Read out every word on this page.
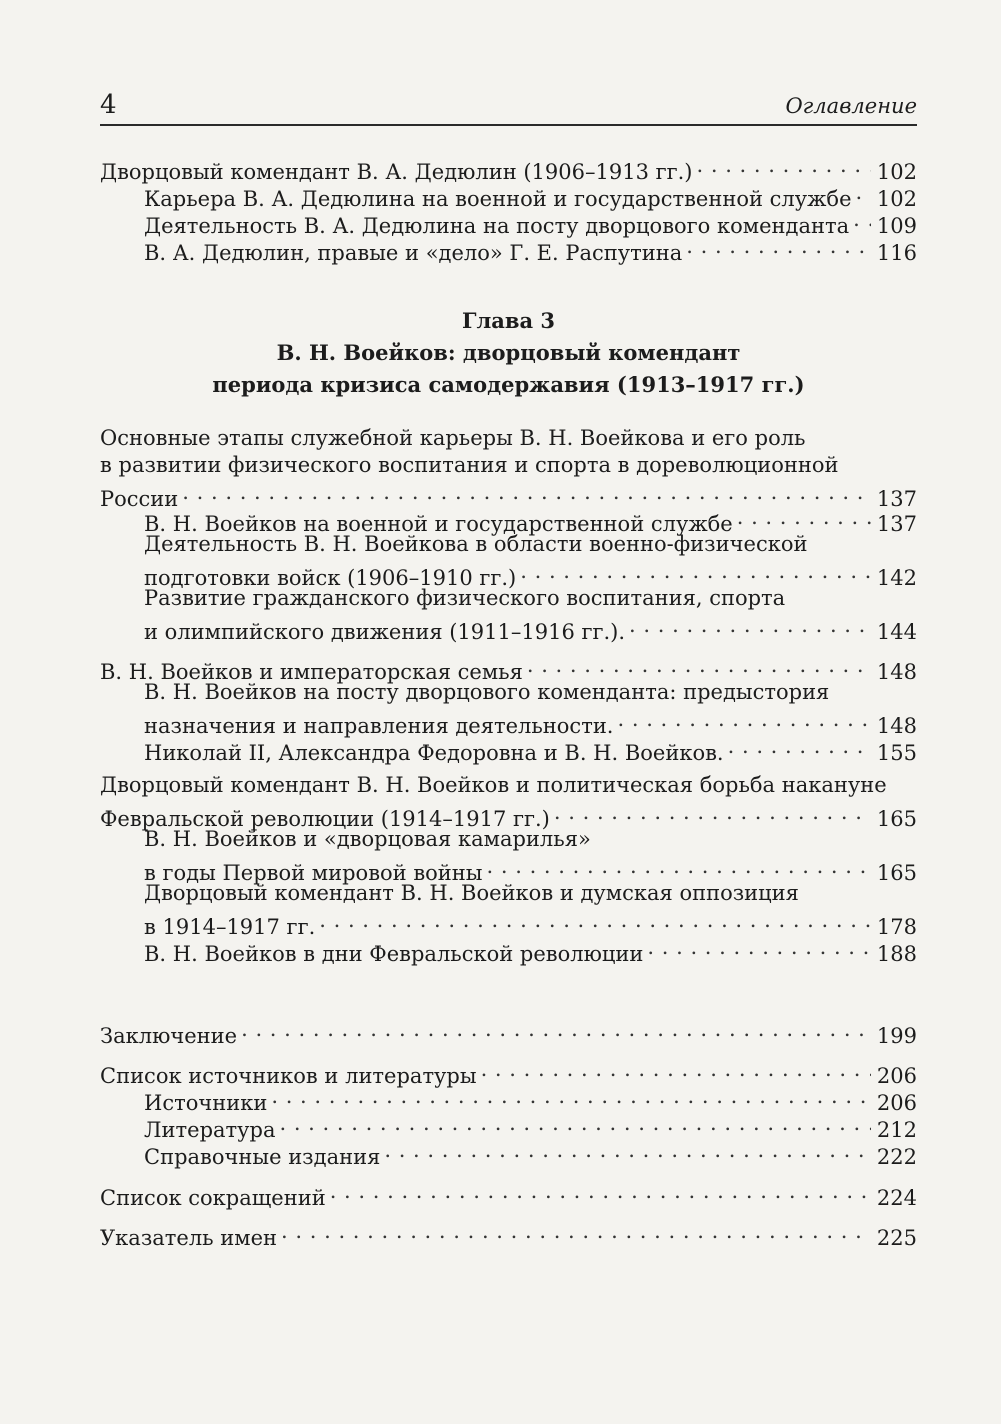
4	Оглавление
Дворцовый комендант В. А. Дедюлин (1906–1913 гг.) . . .	102
Карьера В. А. Дедюлина на военной и государственной службе . . . 102
Деятельность В. А. Дедюлина на посту дворцового коменданта . . . 109
В. А. Дедюлин, правые и «дело» Г. Е. Распутина . . .	116
Глава 3
В. Н. Воейков: дворцовый комендант
периода кризиса самодержавия (1913–1917 гг.)
Основные этапы служебной карьеры В. Н. Воейкова и его роль
в развитии физического воспитания и спорта в дореволюционной
России . . .	137
В. Н. Воейков на военной и государственной службе . . .	137
Деятельность В. Н. Воейкова в области военно-физической
подготовки войск (1906–1910 гг.) . . .	142
Развитие гражданского физического воспитания, спорта
и олимпийского движения (1911–1916 гг.). . . .	144
В. Н. Воейков и императорская семья . . .	148
В. Н. Воейков на посту дворцового коменданта: предыстория
назначения и направления деятельности. . . .	148
Николай II, Александра Федоровна и В. Н. Воейков. . . .	155
Дворцовый комендант В. Н. Воейков и политическая борьба накануне
Февральской революции (1914–1917 гг.) . . .	165
В. Н. Воейков и «дворцовая камарилья»
в годы Первой мировой войны . . .	165
Дворцовый комендант В. Н. Воейков и думская оппозиция
в 1914–1917 гг. . . .	178
В. Н. Воейков в дни Февральской революции . . .	188
Заключение . . .	199
Список источников и литературы . . .	206
Источники . . .	206
Литература . . .	212
Справочные издания . . .	222
Список сокращений . . .	224
Указатель имен . . .	225
